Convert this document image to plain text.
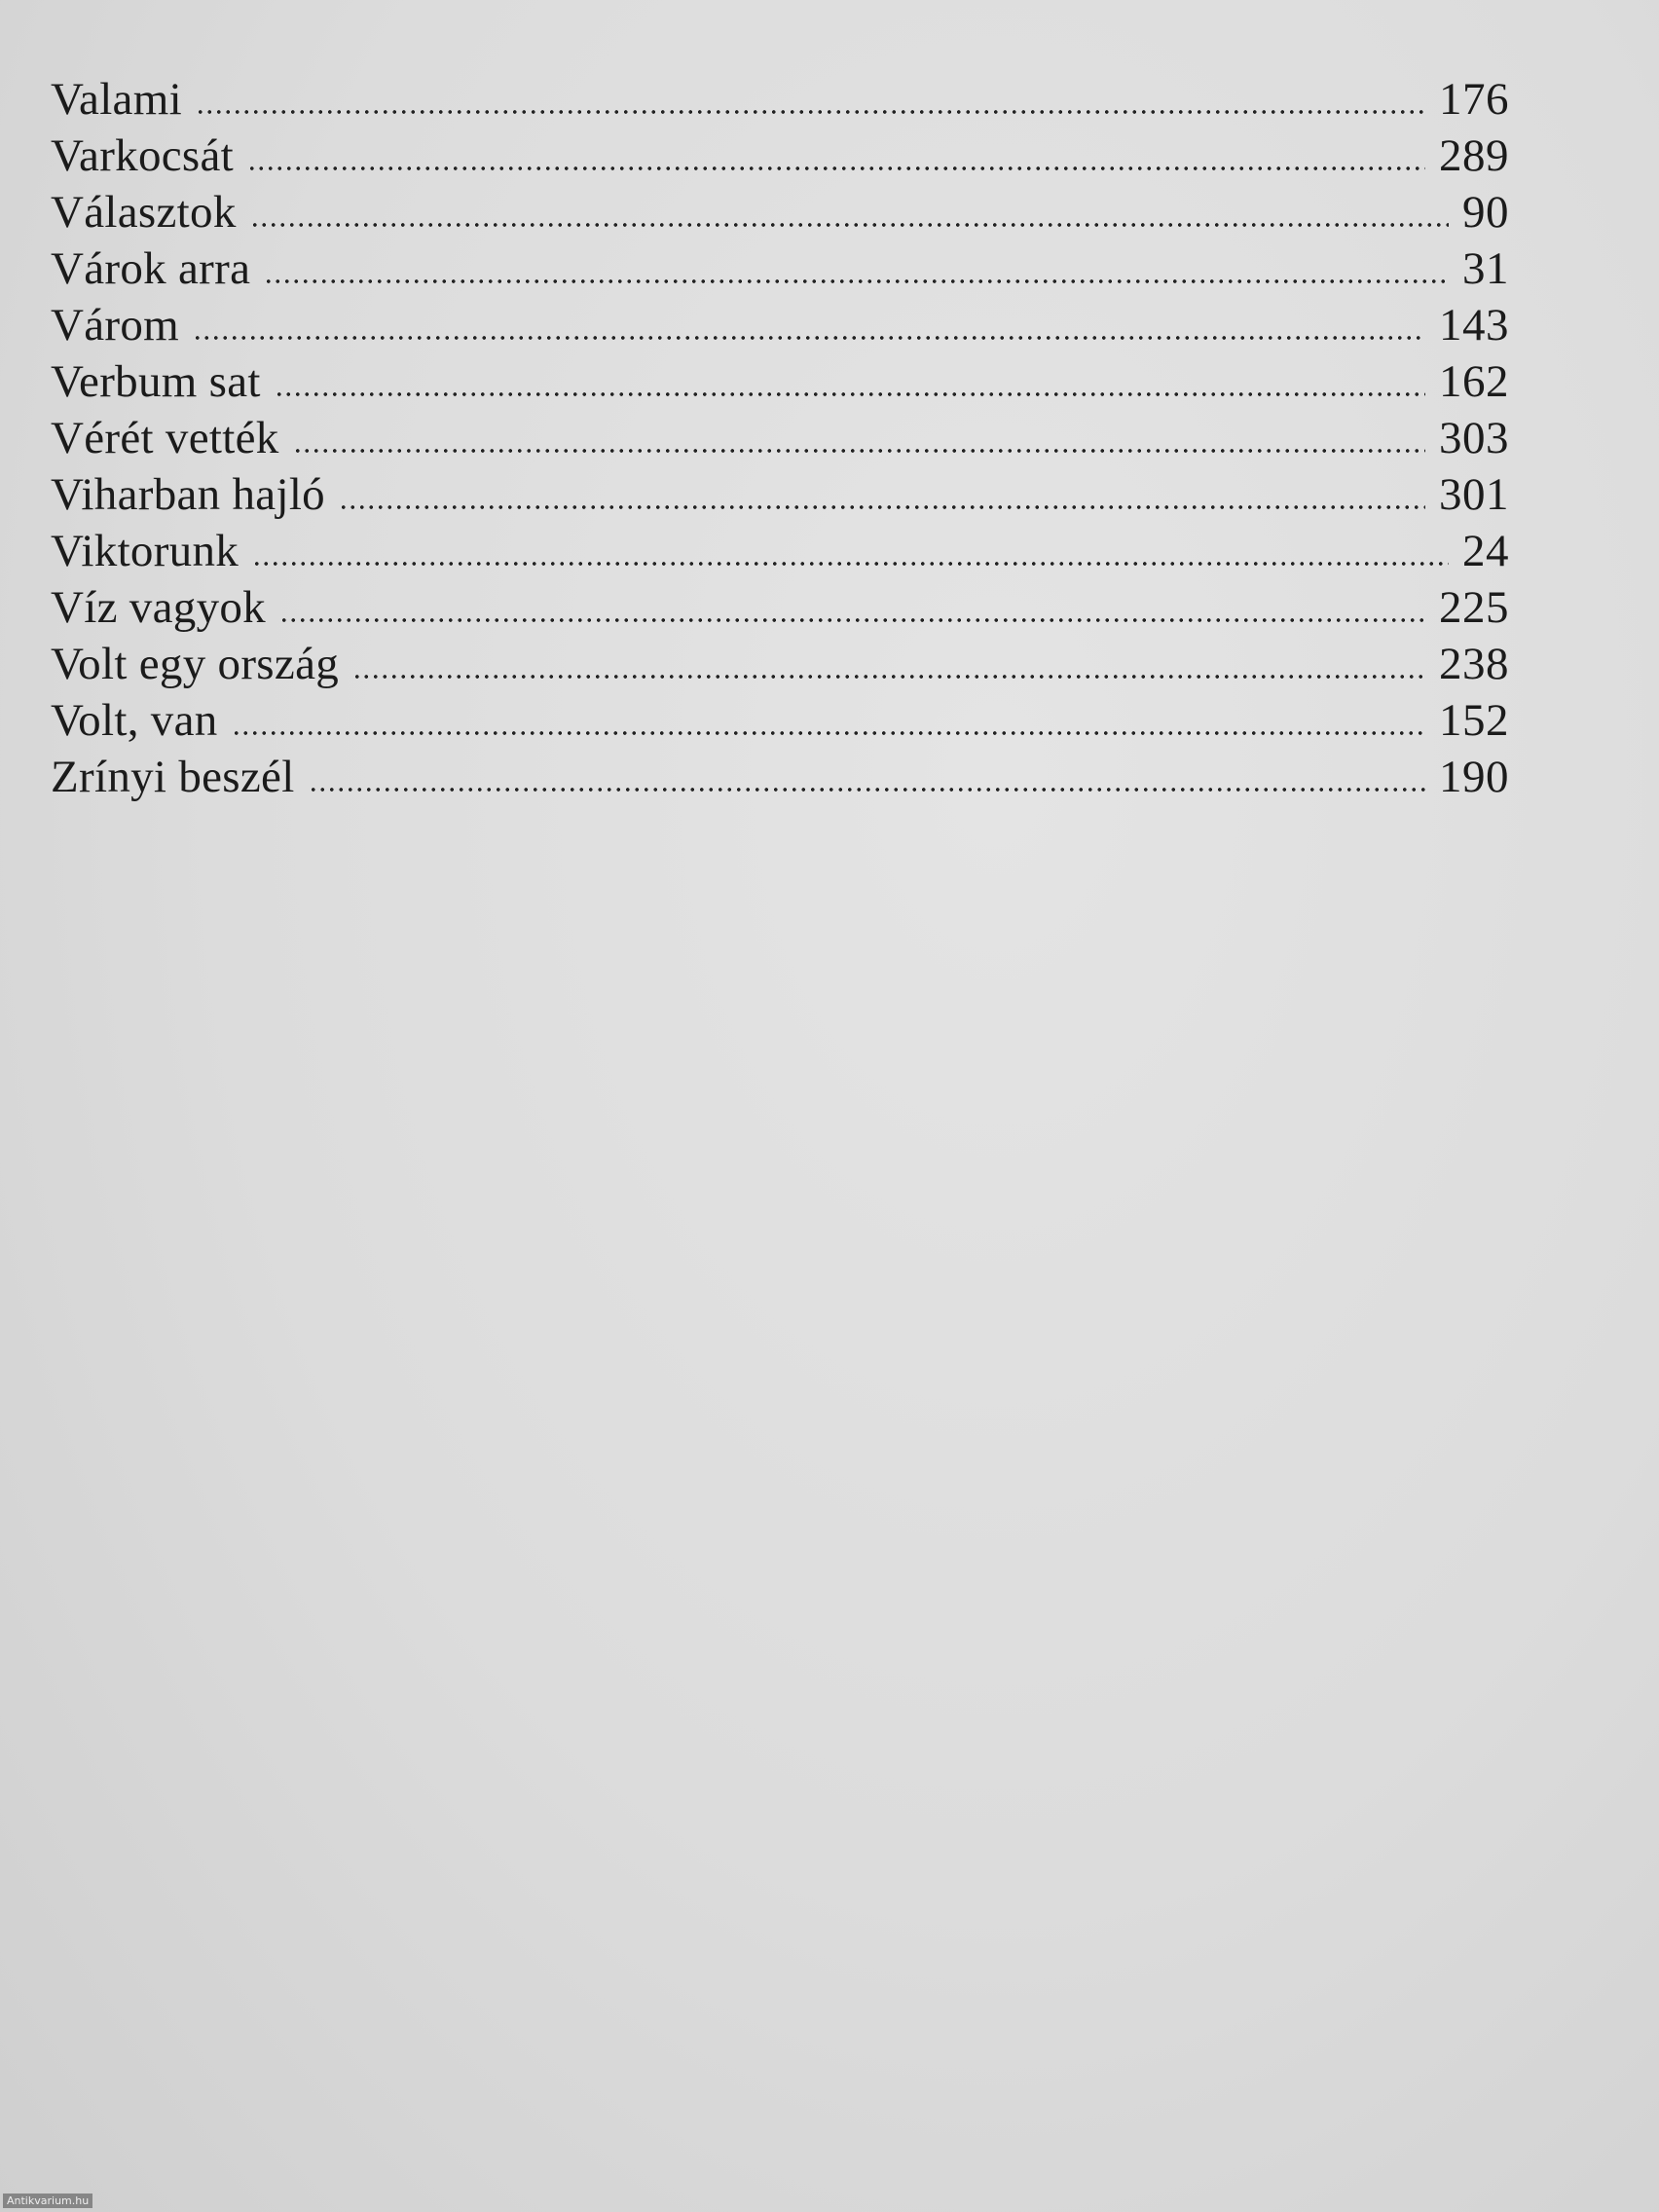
Valami	176
Varkocsát	289
Választok	90
Várok arra	31
Várom	143
Verbum sat	162
Vérét vették	303
Viharban hajló	301
Viktorunk	24
Víz vagyok	225
Volt egy ország	238
Volt, van	152
Zrínyi beszél	190
Antikvarium.hu
